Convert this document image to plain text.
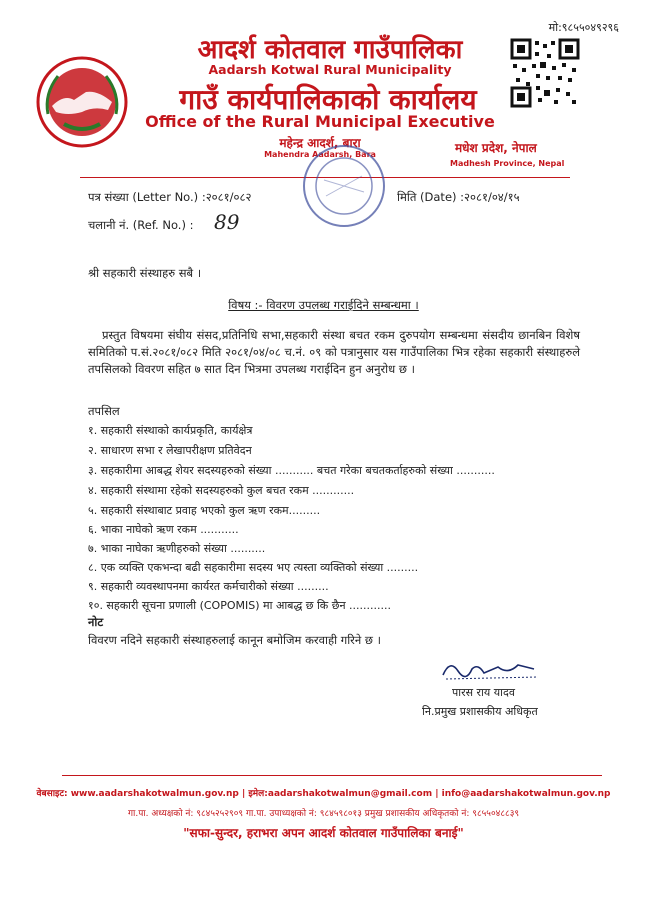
मो:९८५५०४९२९६
आदर्श कोतवाल गाउँपालिका
Aadarsh Kotwal Rural Municipality
गाउँ कार्यपालिकाको कार्यालय
Office of the Rural Municipal Executive
महेन्द्र आदर्श, बारा
Mahendra Aadarsh, Bara	मधेश प्रदेश, नेपाल
Madhesh Province, Nepal
पत्र संख्या (Letter No.) :२०८१/०८२	मिति (Date) :२०८१/०४/१५
चलानी नं. (Ref. No.) : 89
श्री सहकारी संस्थाहरु सबै ।
विषय :- विवरण उपलब्ध गराईदिने सम्बन्धमा ।
प्रस्तुत विषयमा संघीय संसद,प्रतिनिधि सभा,सहकारी संस्था बचत रकम दुरुपयोग सम्बन्धमा संसदीय छानबिन विशेष समितिको प.सं.२०८१/०८२ मिति २०८१/०४/०८ च.नं. ०९ को पत्रानुसार यस गाउँपालिका भित्र रहेका सहकारी संस्थाहरुले तपसिलको विवरण सहित ७ सात दिन भित्रमा उपलब्ध गराईदिन हुन अनुरोध छ ।
तपसिल
१. सहकारी संस्थाको कार्यप्रकृति, कार्यक्षेत्र
२. साधारण सभा र लेखापरीक्षण प्रतिवेदन
३. सहकारीमा आबद्ध शेयर सदस्यहरुको संख्या ........... बचत गरेका बचतकर्ताहरुको संख्या ...........
४. सहकारी संस्थामा रहेको सदस्यहरुको कुल बचत रकम ............
५. सहकारी संस्थाबाट प्रवाह भएको कुल ऋण रकम.........
६. भाका नाघेको ऋण रकम ...........
७. भाका नाघेका ऋणीहरुको संख्या ..........
८. एक व्यक्ति एकभन्दा बढी सहकारीमा सदस्य भए त्यस्ता व्यक्तिको संख्या .........
९. सहकारी व्यवस्थापनमा कार्यरत कर्मचारीको संख्या .........
१०. सहकारी सूचना प्रणाली (COPOMIS) मा आबद्ध छ कि छैन ............
नोट
विवरण नदिने सहकारी संस्थाहरुलाई कानून बमोजिम करवाही गरिने छ ।
पारस राय यादव
नि.प्रमुख प्रशासकीय अधिकृत
वेबसाइट: www.aadarshakotwalmun.gov.np | इमेल:aadarshakotwalmun@gmail.com | info@aadarshakotwalmun.gov.np
गा.पा. अध्यक्षको नं: ९८४५२५२९०९ गा.पा. उपाध्यक्षको नं: ९८४५९८०१३ प्रमुख प्रशासकीय अधिकृतको नं: ९८५५०४८८३९
"सफा-सुन्दर, हराभरा अपन आदर्श कोतवाल गाउँपालिका बनाई"
